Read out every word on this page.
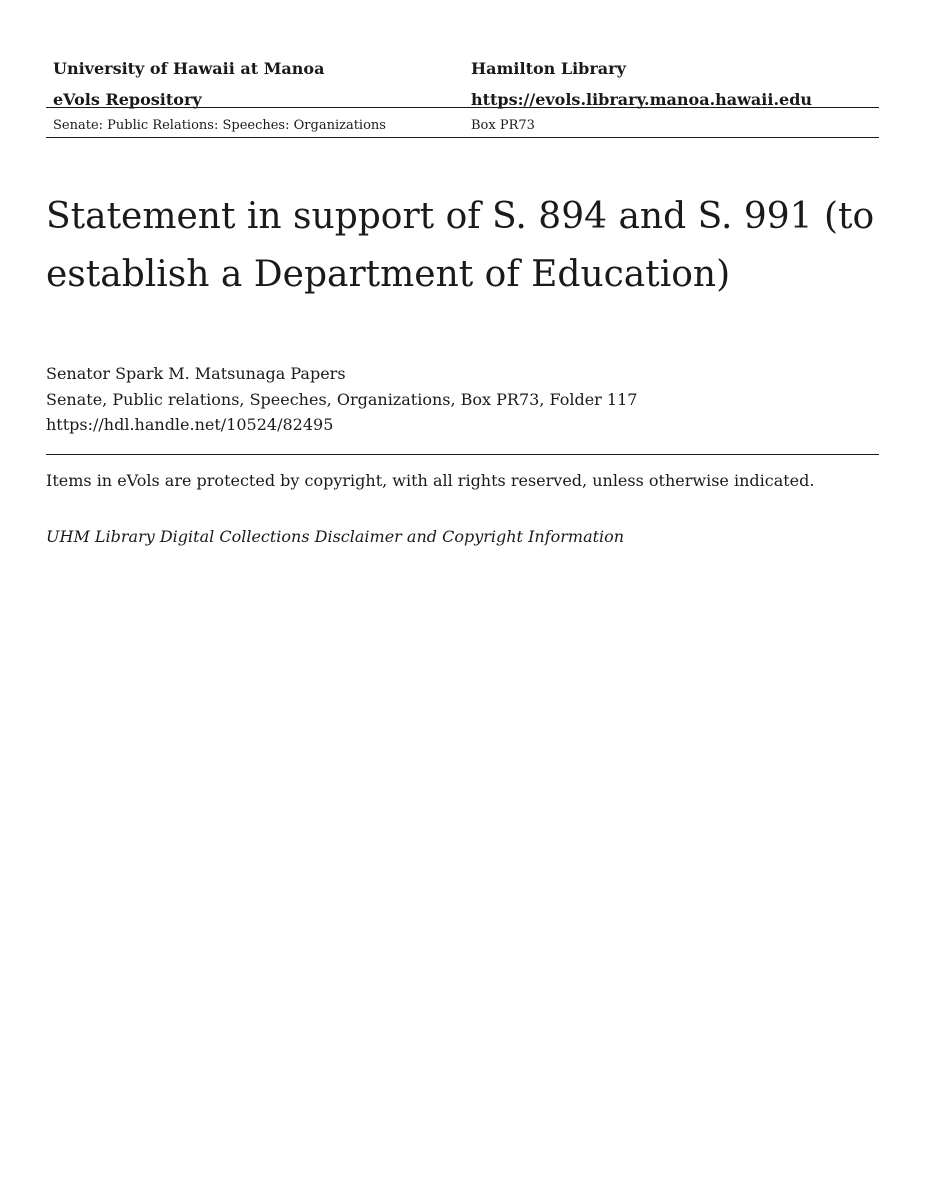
University of Hawaii at Manoa
eVols Repository
Hamilton Library
https://evols.library.manoa.hawaii.edu
Senate: Public Relations: Speeches: Organizations	Box PR73
Statement in support of S. 894 and S. 991 (to establish a Department of Education)
Senator Spark M. Matsunaga Papers
Senate, Public relations, Speeches, Organizations, Box PR73, Folder 117
https://hdl.handle.net/10524/82495
Items in eVols are protected by copyright, with all rights reserved, unless otherwise indicated.
UHM Library Digital Collections Disclaimer and Copyright Information
